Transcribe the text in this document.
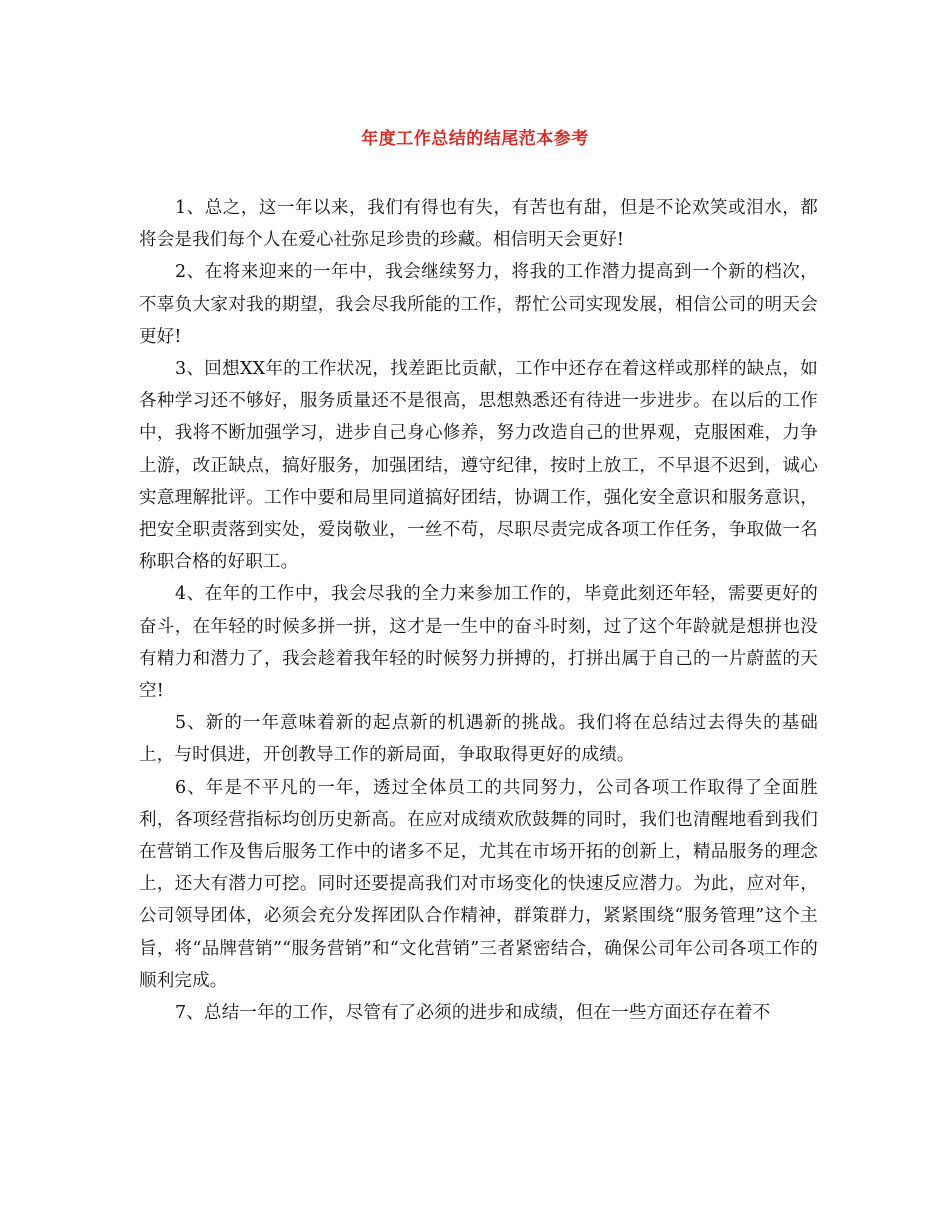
年度工作总结的结尾范本参考

1、总之，这一年以来，我们有得也有失，有苦也有甜，但是不论欢笑或泪水，都将会是我们每个人在爱心社弥足珍贵的珍藏。相信明天会更好!

2、在将来迎来的一年中，我会继续努力，将我的工作潜力提高到一个新的档次，不辜负大家对我的期望，我会尽我所能的工作，帮忙公司实现发展，相信公司的明天会更好!

3、回想XX年的工作状况，找差距比贡献，工作中还存在着这样或那样的缺点，如各种学习还不够好，服务质量还不是很高，思想熟悉还有待进一步进步。在以后的工作中，我将不断加强学习，进步自己身心修养，努力改造自己的世界观，克服困难，力争上游，改正缺点，搞好服务，加强团结，遵守纪律，按时上放工，不早退不迟到，诚心实意理解批评。工作中要和局里同道搞好团结，协调工作，强化安全意识和服务意识，把安全职责落到实处，爱岗敬业，一丝不苟，尽职尽责完成各项工作任务，争取做一名称职合格的好职工。

4、在年的工作中，我会尽我的全力来参加工作的，毕竟此刻还年轻，需要更好的奋斗，在年轻的时候多拼一拼，这才是一生中的奋斗时刻，过了这个年龄就是想拼也没有精力和潜力了，我会趁着我年轻的时候努力拼搏的，打拼出属于自己的一片蔚蓝的天空!

5、新的一年意味着新的起点新的机遇新的挑战。我们将在总结过去得失的基础上，与时俱进，开创教导工作的新局面，争取取得更好的成绩。

6、年是不平凡的一年，透过全体员工的共同努力，公司各项工作取得了全面胜利，各项经营指标均创历史新高。在应对成绩欢欣鼓舞的同时，我们也清醒地看到我们在营销工作及售后服务工作中的诸多不足，尤其在市场开拓的创新上，精品服务的理念上，还大有潜力可挖。同时还要提高我们对市场变化的快速反应潜力。为此，应对年，公司领导团体，必须会充分发挥团队合作精神，群策群力，紧紧围绕“服务管理”这个主旨，将“品牌营销”“服务营销”和“文化营销”三者紧密结合，确保公司年公司各项工作的顺利完成。

7、总结一年的工作，尽管有了必须的进步和成绩，但在一些方面还存在着不
